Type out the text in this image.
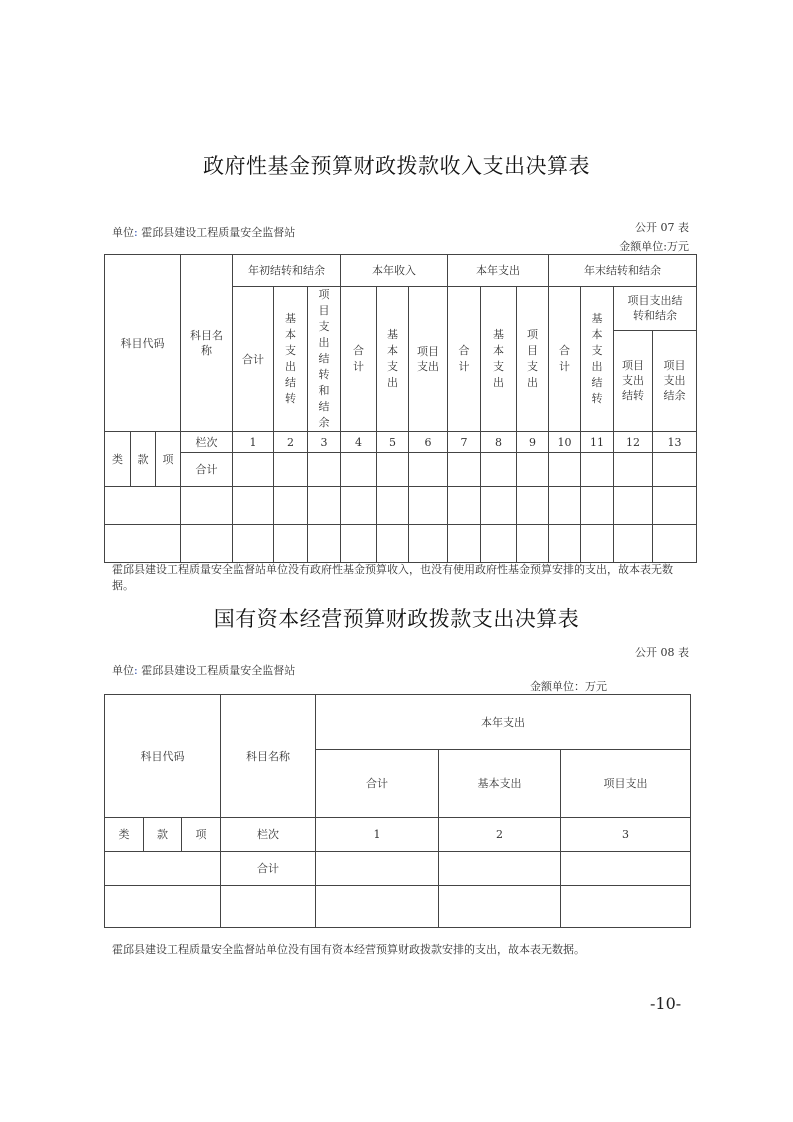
政府性基金预算财政拨款收入支出决算表
单位: 霍邱县建设工程质量安全监督站	公开 07 表
金额单位:万元
科目代码			科目名称	年初结转和结余			本年收入			本年支出			年末结转和结余			
				合计	基本支出结转	项目支出结转和结余	合计	基本支出	项目支出	合计	基本支出	项目支出	合计	基本支出结转	项目支出结转和结余	
															项目支出结转	项目支出结余
类	款	项	栏次	1	2	3	4	5	6	7	8	9	10	11	12	13
			合计													

霍邱县建设工程质量安全监督站单位没有政府性基金预算收入，也没有使用政府性基金预算安排的支出，故本表无数据。
国有资本经营预算财政拨款支出决算表
公开 08 表
单位: 霍邱县建设工程质量安全监督站
金额单位：万元
科目代码			科目名称	本年支出		
				合计	基本支出	项目支出
类	款	项	栏次	1	2	3
			合计			

霍邱县建设工程质量安全监督站单位没有国有资本经营预算财政拨款安排的支出，故本表无数据。
-10-
